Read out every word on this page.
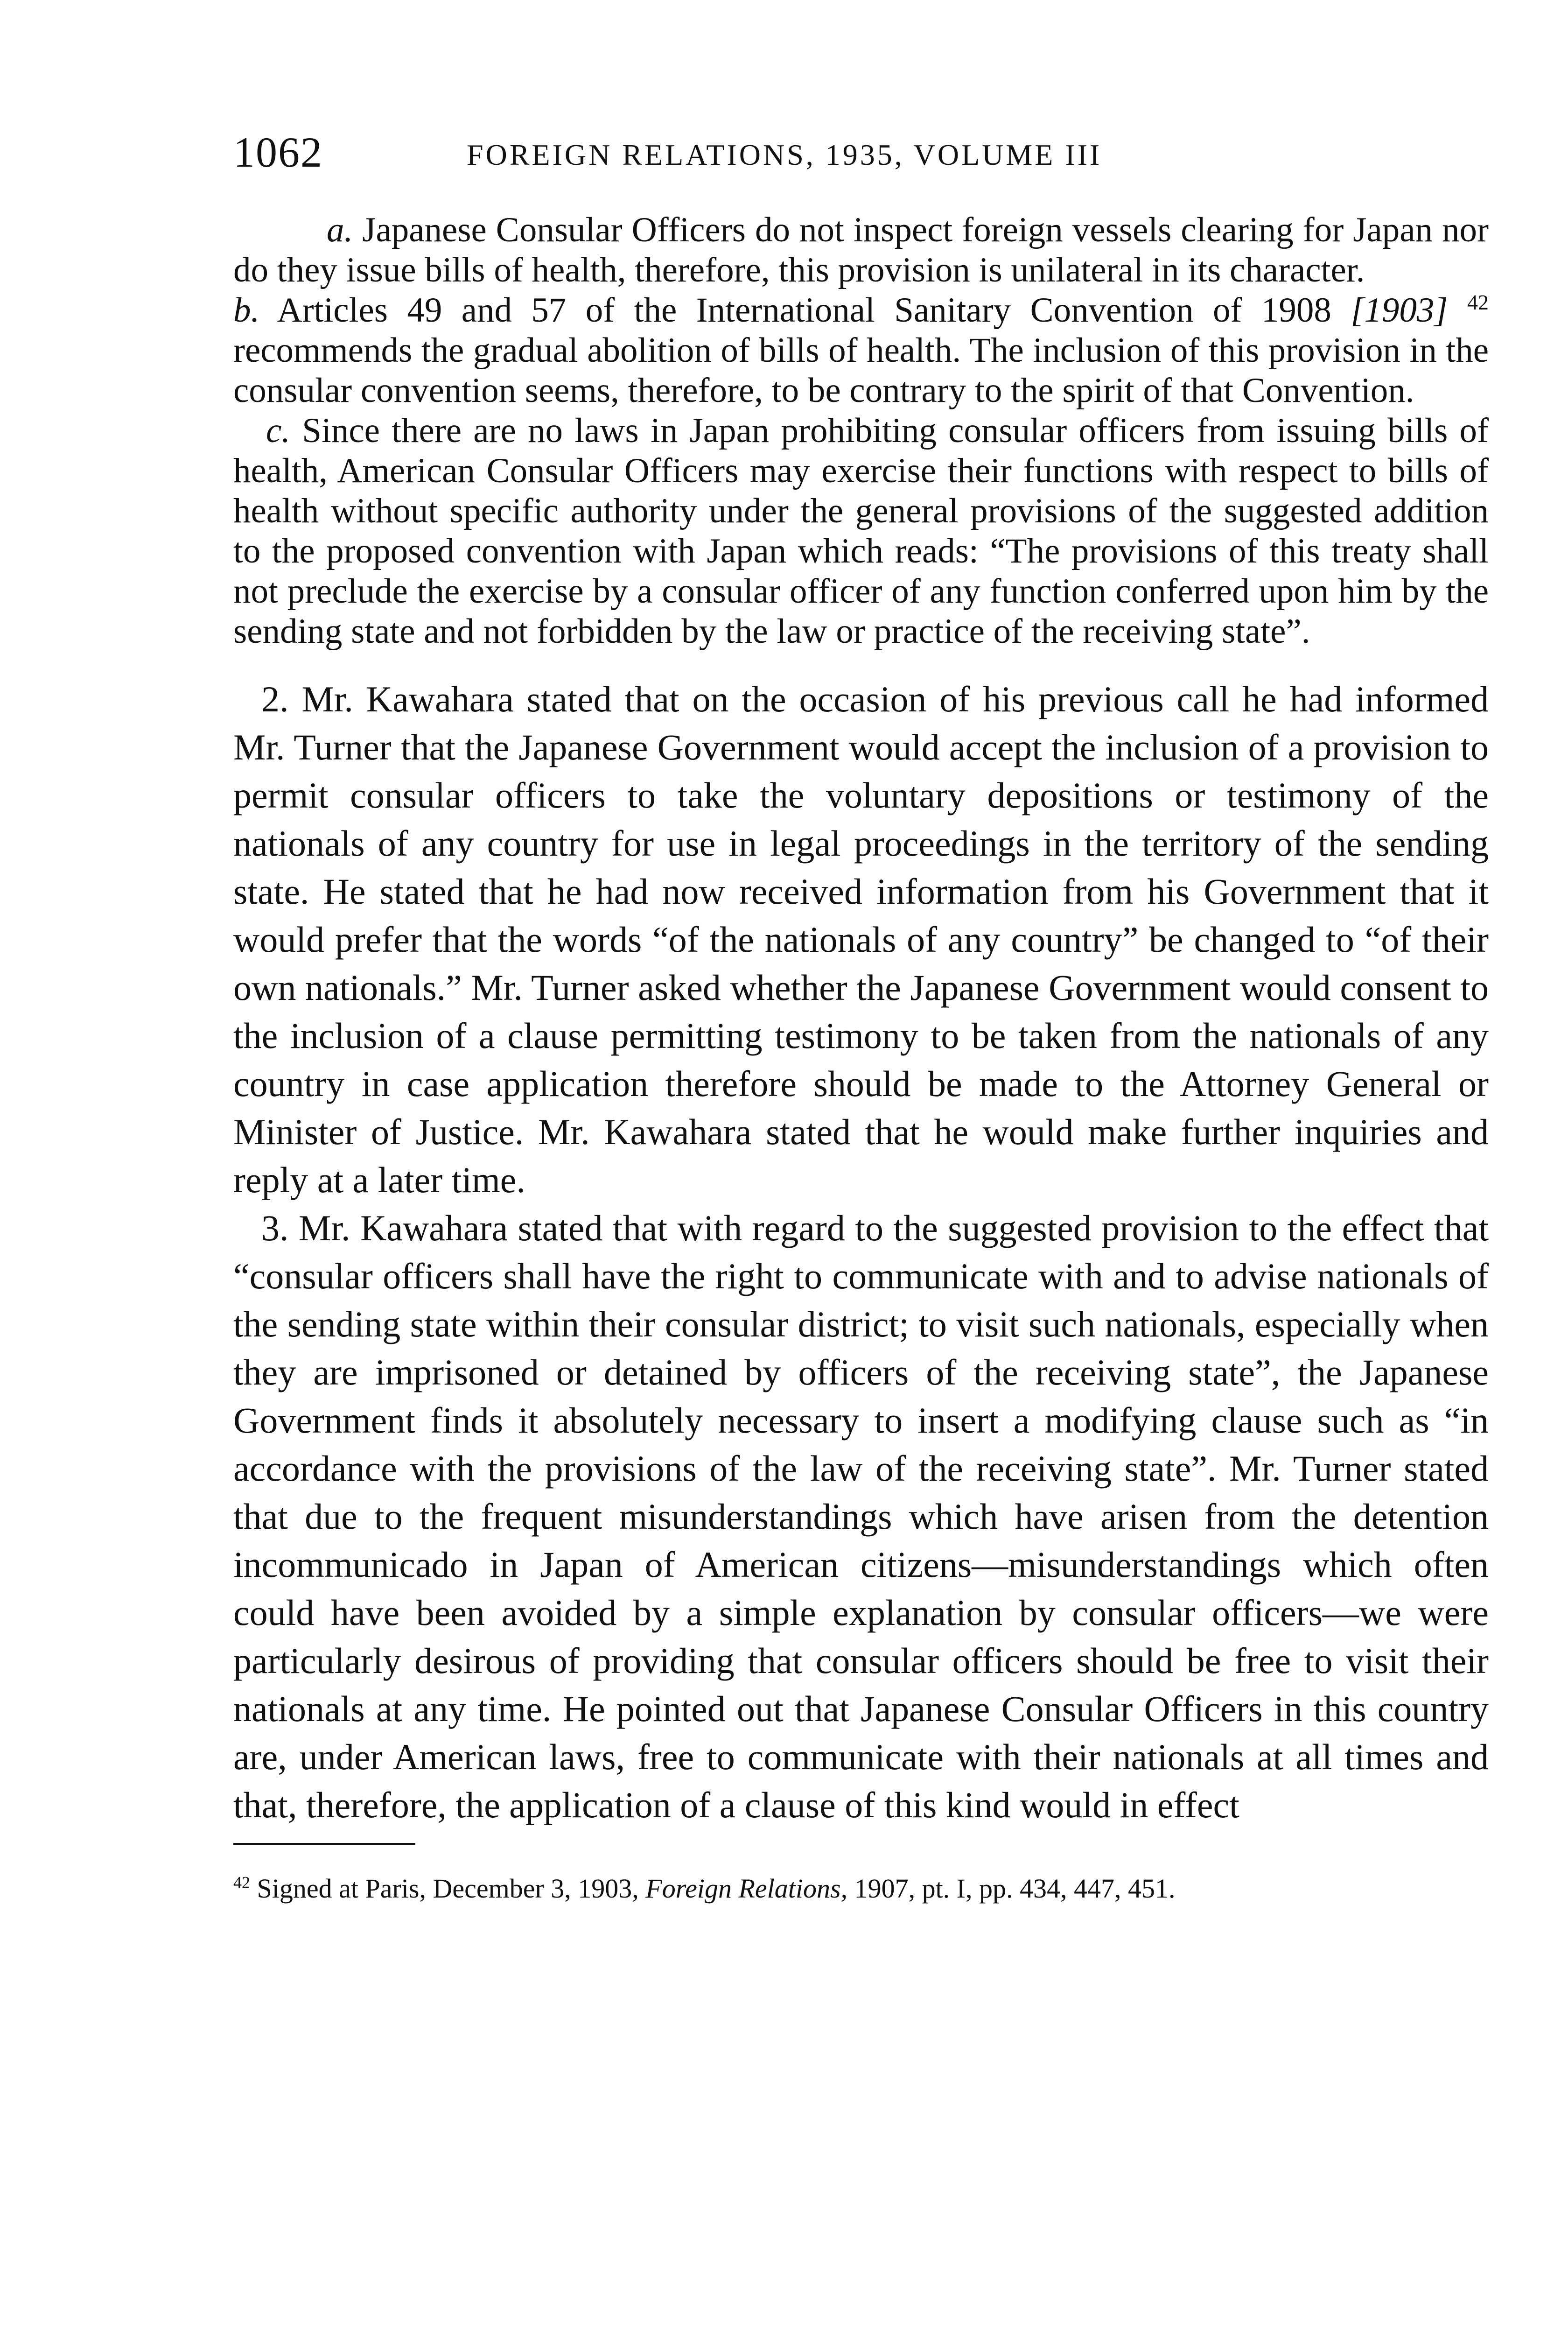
1062	FOREIGN RELATIONS, 1935, VOLUME III

a. Japanese Consular Officers do not inspect foreign vessels clearing for Japan nor do they issue bills of health, therefore, this provision is unilateral in its character.

b. Articles 49 and 57 of the International Sanitary Convention of 1908 [1903] $^{42}$ recommends the gradual abolition of bills of health. The inclusion of this provision in the consular convention seems, therefore, to be contrary to the spirit of that Convention.

c. Since there are no laws in Japan prohibiting consular officers from issuing bills of health, American Consular Officers may exercise their functions with respect to bills of health without specific authority under the general provisions of the suggested addition to the proposed convention with Japan which reads: “The provisions of this treaty shall not preclude the exercise by a consular officer of any function conferred upon him by the sending state and not forbidden by the law or practice of the receiving state”.

2. Mr. Kawahara stated that on the occasion of his previous call he had informed Mr. Turner that the Japanese Government would accept the inclusion of a provision to permit consular officers to take the voluntary depositions or testimony of the nationals of any country for use in legal proceedings in the territory of the sending state. He stated that he had now received information from his Government that it would prefer that the words “of the nationals of any country” be changed to “of their own nationals.” Mr. Turner asked whether the Japanese Government would consent to the inclusion of a clause permitting testimony to be taken from the nationals of any country in case application therefore should be made to the Attorney General or Minister of Justice. Mr. Kawahara stated that he would make further inquiries and reply at a later time.

3. Mr. Kawahara stated that with regard to the suggested provision to the effect that “consular officers shall have the right to communicate with and to advise nationals of the sending state within their consular district; to visit such nationals, especially when they are imprisoned or detained by officers of the receiving state”, the Japanese Government finds it absolutely necessary to insert a modifying clause such as “in accordance with the provisions of the law of the receiving state”. Mr. Turner stated that due to the frequent misunderstandings which have arisen from the detention incommunicado in Japan of American citizens—misunderstandings which often could have been avoided by a simple explanation by consular officers—we were particularly desirous of providing that consular officers should be free to visit their nationals at any time. He pointed out that Japanese Consular Officers in this country are, under American laws, free to communicate with their nationals at all times and that, therefore, the application of a clause of this kind would in effect

$^{42}$ Signed at Paris, December 3, 1903, Foreign Relations, 1907, pt. I, pp. 434, 447, 451.
